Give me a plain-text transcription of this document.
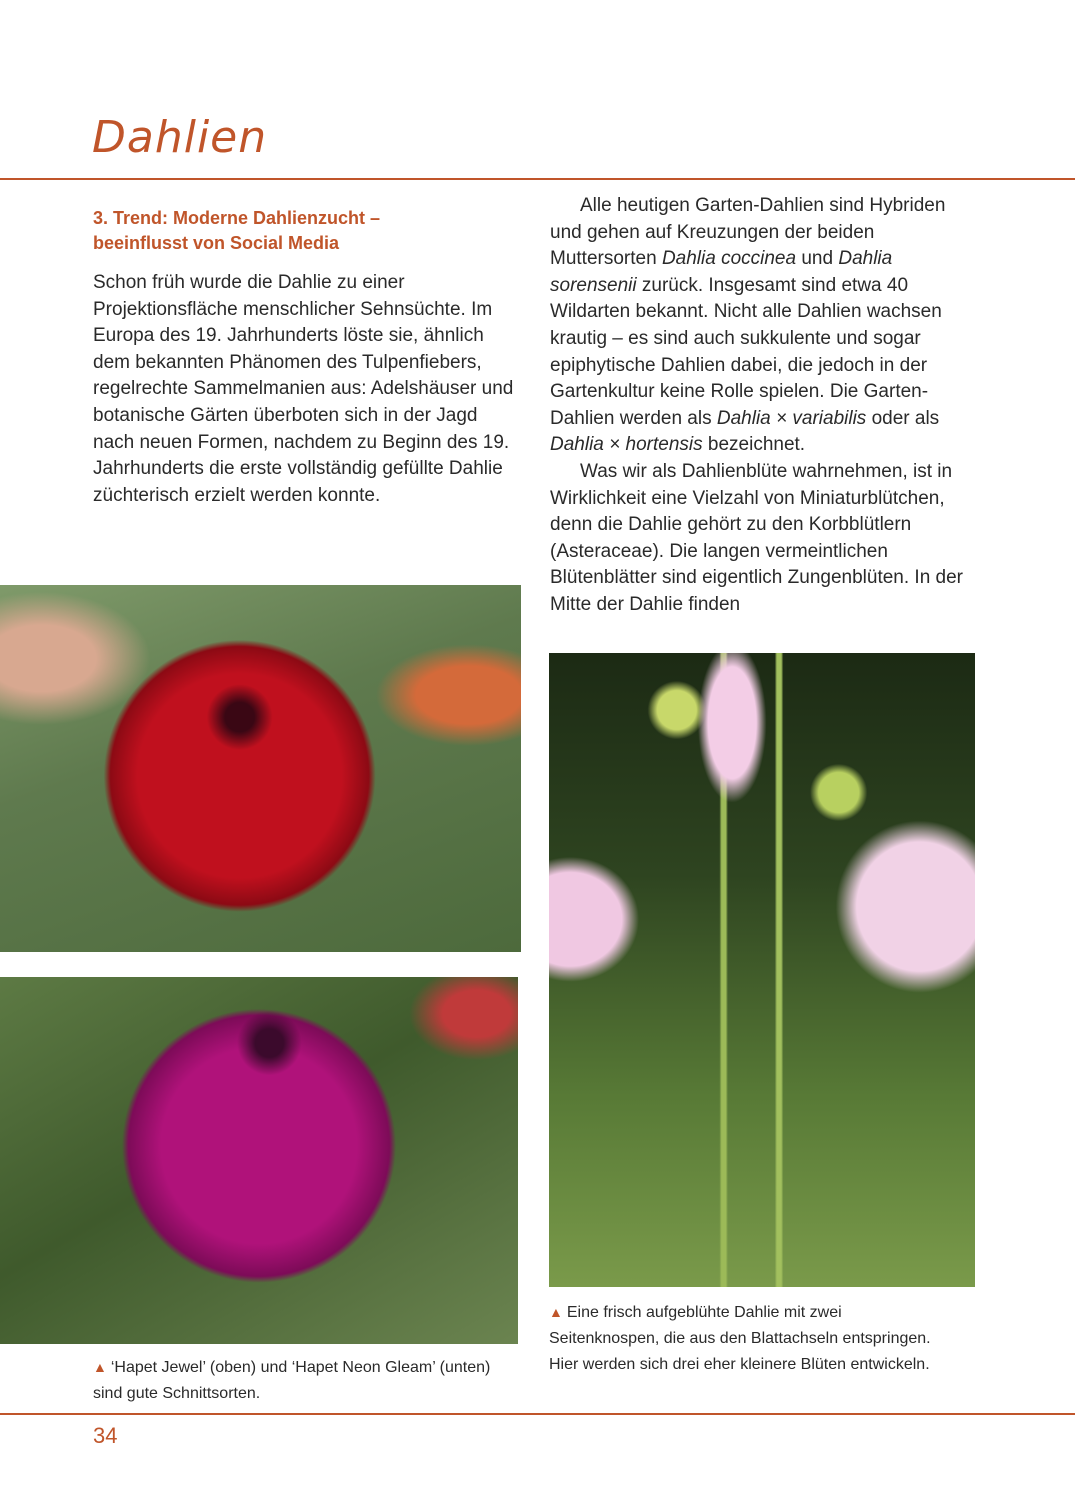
Dahlien
3. Trend: Moderne Dahlienzucht –
beeinflusst von Social Media

Schon früh wurde die Dahlie zu einer Projektionsfläche menschlicher Sehnsüchte. Im Europa des 19. Jahrhunderts löste sie, ähnlich dem bekannten Phänomen des Tulpenfiebers, regelrechte Sammelmanien aus: Adelshäuser und botanische Gärten überboten sich in der Jagd nach neuen Formen, nachdem zu Beginn des 19. Jahrhunderts die erste vollständig gefüllte Dahlie züchterisch erzielt werden konnte.

Alle heutigen Garten-Dahlien sind Hybriden und gehen auf Kreuzungen der beiden Muttersorten Dahlia coccinea und Dahlia sorensenii zurück. Insgesamt sind etwa 40 Wildarten bekannt. Nicht alle Dahlien wachsen krautig – es sind auch sukkulente und sogar epiphytische Dahlien dabei, die jedoch in der Gartenkultur keine Rolle spielen. Die Garten-Dahlien werden als Dahlia × variabilis oder als Dahlia × hortensis bezeichnet.

Was wir als Dahlienblüte wahrnehmen, ist in Wirklichkeit eine Vielzahl von Miniaturblütchen, denn die Dahlie gehört zu den Korbblütlern (Asteraceae). Die langen vermeintlichen Blütenblätter sind eigentlich Zungenblüten. In der Mitte der Dahlie finden

▲ ‘Hapet Jewel’ (oben) und ‘Hapet Neon Gleam’ (unten) sind gute Schnittsorten.
▲ Eine frisch aufgeblühte Dahlie mit zwei Seitenknospen, die aus den Blattachseln entspringen. Hier werden sich drei eher kleinere Blüten entwickeln.
34
